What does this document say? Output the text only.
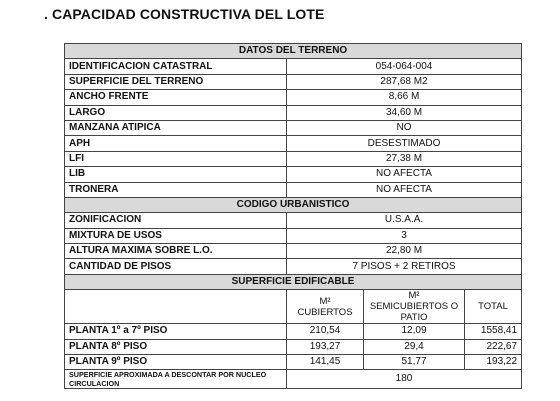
. CAPACIDAD CONSTRUCTIVA DEL LOTE
DATOS DEL TERRENO			
IDENTIFICACION CATASTRAL	054-064-004		
SUPERFICIE DEL TERRENO	287,68 M2		
ANCHO FRENTE	8,66 M		
LARGO	34,60 M		
MANZANA ATIPICA	NO		
APH	DESESTIMADO		
LFI	27,38 M		
LIB	NO AFECTA		
TRONERA	NO AFECTA		
CODIGO URBANISTICO			
ZONIFICACION	U.S.A.A.		
MIXTURA DE USOS	3		
ALTURA MAXIMA SOBRE L.O.	22,80 M		
CANTIDAD DE PISOS	7 PISOS + 2 RETIROS		
SUPERFICIE EDIFICABLE			
	M² CUBIERTOS	M² SEMICUBIERTOS O PATIO	TOTAL
PLANTA 1º a 7º PISO	210,54	12,09	1558,41
PLANTA 8º PISO	193,27	29,4	222,67
PLANTA 9º PISO	141,45	51,77	193,22
SUPERFICIE APROXIMADA A DESCONTAR POR NUCLEO CIRCULACION	180		
